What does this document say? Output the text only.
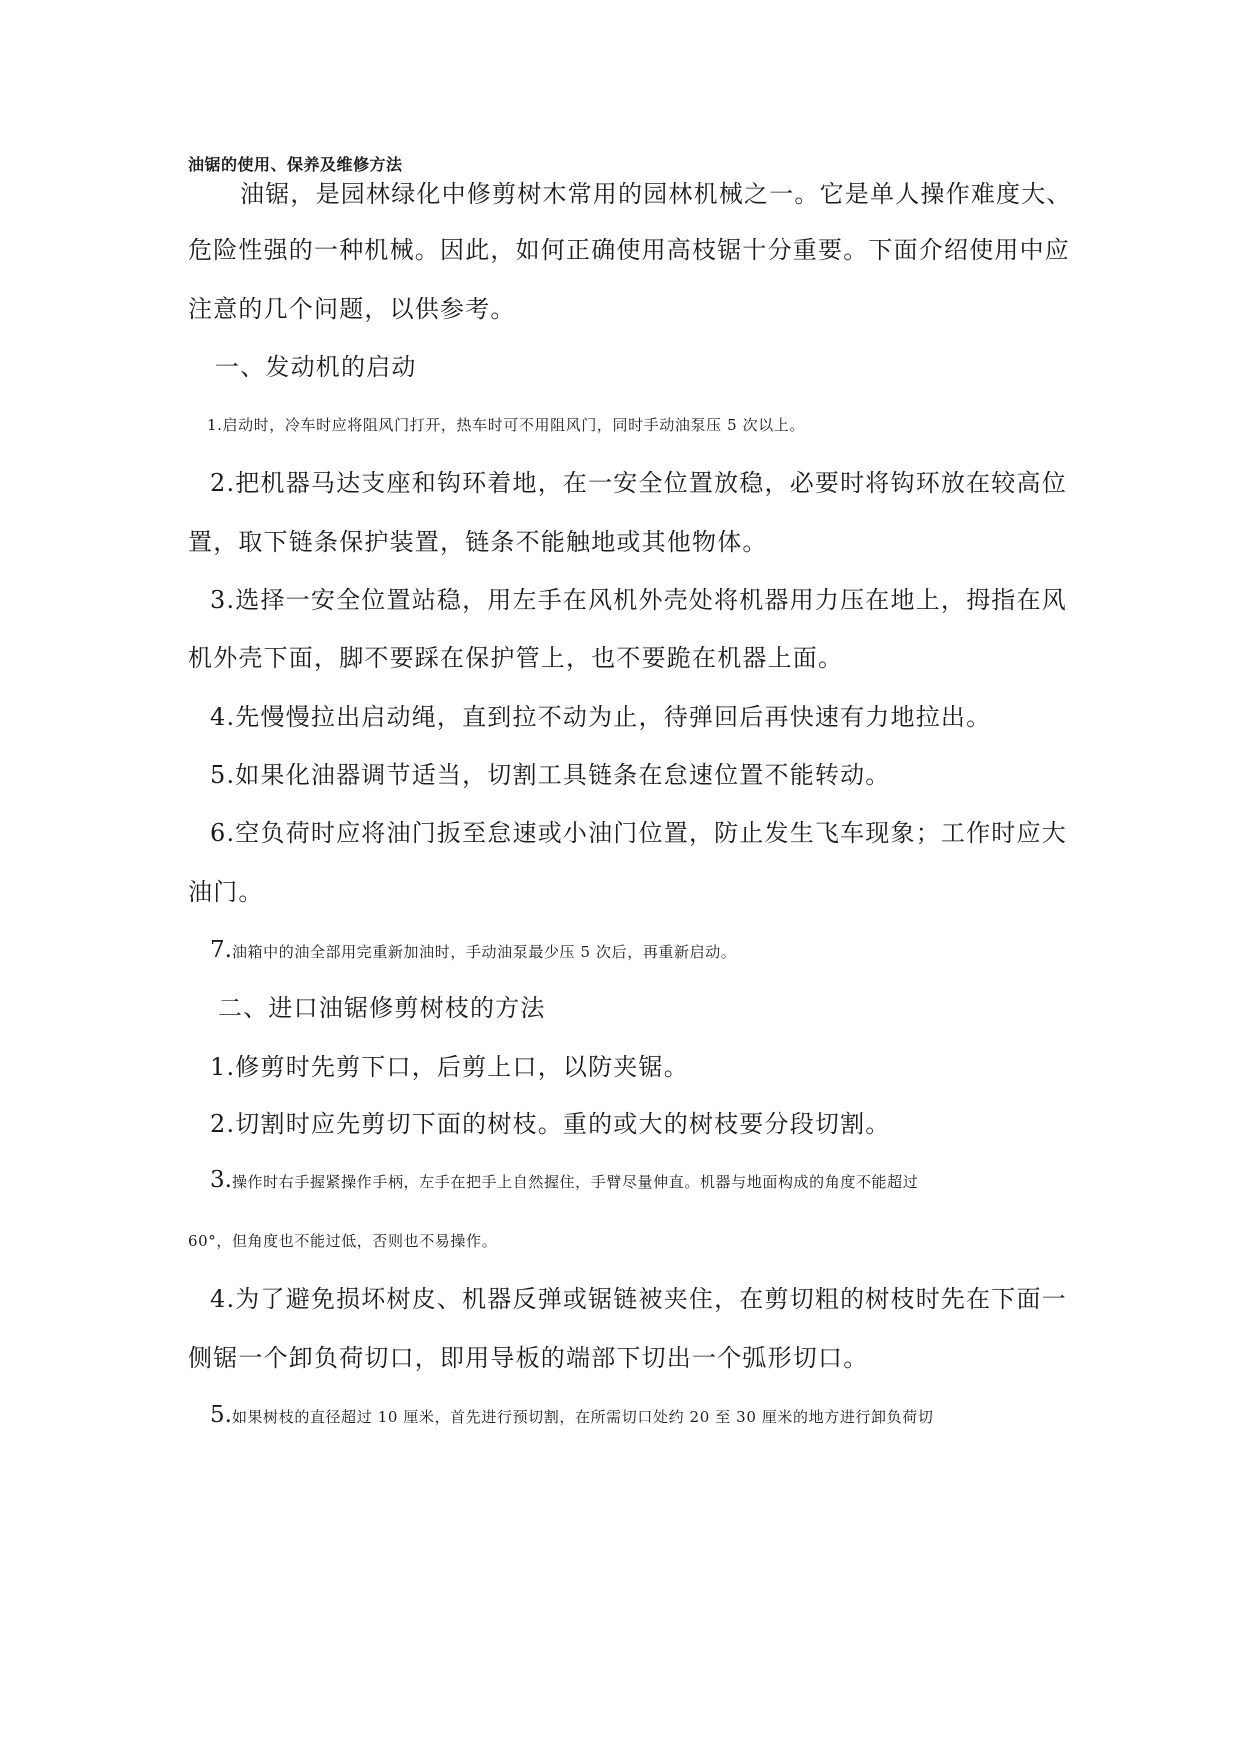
油锯的使用、保养及维修方法

油锯，是园林绿化中修剪树木常用的园林机械之一。它是单人操作难度大、

危险性强的一种机械。因此，如何正确使用高枝锯十分重要。下面介绍使用中应

注意的几个问题，以供参考。

一、发动机的启动

1.启动时，冷车时应将阻风门打开，热车时可不用阻风门，同时手动油泵压 5 次以上。

2.把机器马达支座和钩环着地，在一安全位置放稳，必要时将钩环放在较高位

置，取下链条保护装置，链条不能触地或其他物体。

3.选择一安全位置站稳，用左手在风机外壳处将机器用力压在地上，拇指在风

机外壳下面，脚不要踩在保护管上，也不要跪在机器上面。

4.先慢慢拉出启动绳，直到拉不动为止，待弹回后再快速有力地拉出。

5.如果化油器调节适当，切割工具链条在怠速位置不能转动。

6.空负荷时应将油门扳至怠速或小油门位置，防止发生飞车现象；工作时应大

油门。

7.油箱中的油全部用完重新加油时，手动油泵最少压 5 次后，再重新启动。

二、进口油锯修剪树枝的方法

1.修剪时先剪下口，后剪上口，以防夹锯。

2.切割时应先剪切下面的树枝。重的或大的树枝要分段切割。

3.操作时右手握紧操作手柄，左手在把手上自然握住，手臂尽量伸直。机器与地面构成的角度不能超过

60°，但角度也不能过低，否则也不易操作。

4.为了避免损坏树皮、机器反弹或锯链被夹住，在剪切粗的树枝时先在下面一

侧锯一个卸负荷切口，即用导板的端部下切出一个弧形切口。

5.如果树枝的直径超过 10 厘米，首先进行预切割，在所需切口处约 20 至 30 厘米的地方进行卸负荷切
